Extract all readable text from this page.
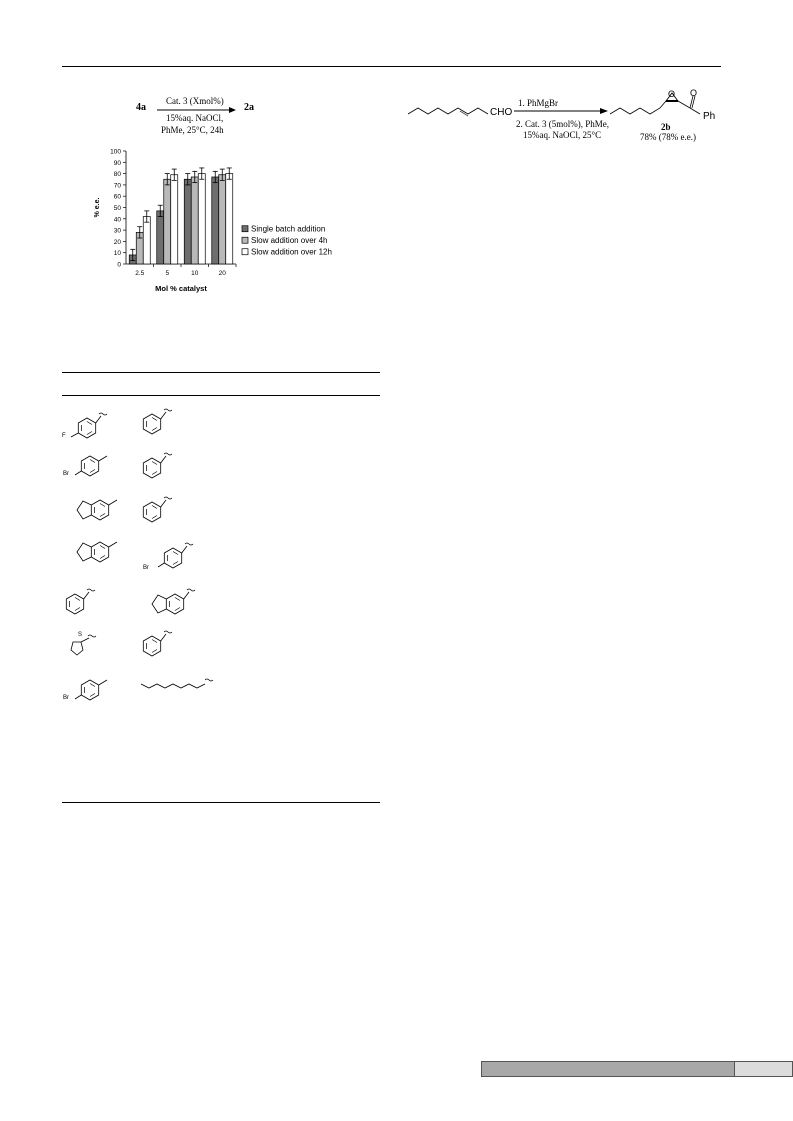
4a
Cat. 3 (Xmol%)
2a
15%aq. NaOCl,
PhMe, 25°C, 24h
0
10
20
30
40
50
60
70
80
90
100
% e.e.
2.5	5	10	20
Mol % catalyst
Single batch addition
Slow addition over 4h
Slow addition over 12h
CHO
1. PhMgBr
2. Cat. 3 (5mol%), PhMe,
15%aq. NaOCl, 25°C
O O
Ph
2b
78% (78% e.e.)
F
Br
Br
S
Br
